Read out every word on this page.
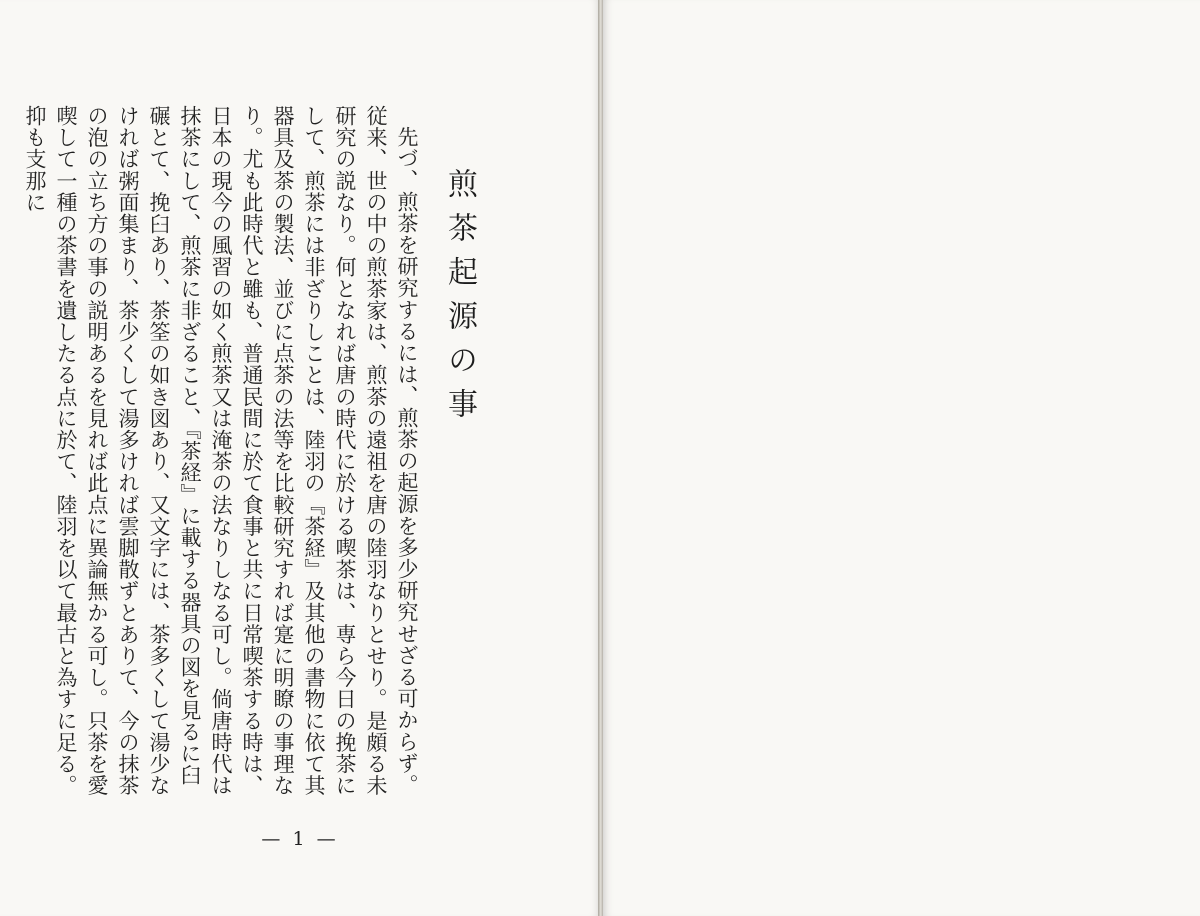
煎茶起源の事

先づ、煎茶を研究するには、煎茶の起源を多少研究せざる可からず。従来、世の中の煎茶家は、煎茶の遠祖を唐の陸羽なりとせり。是頗る未研究の説なり。何となれば唐の時代に於ける喫茶は、専ら今日の挽茶にして、煎茶には非ざりしことは、陸羽の『茶経』及其他の書物に依て其器具及茶の製法、並びに点茶の法等を比較研究すれば寔に明瞭の事理なり。尤も此時代と雖も、普通民間に於て食事と共に日常喫茶する時は、日本の現今の風習の如く煎茶又は淹茶の法なりしなる可し。倘唐時代は抹茶にして、煎茶に非ざること、『茶経』に載する器具の図を見るに臼碾とて、挽臼あり、茶筌の如き図あり、又文字には、茶多くして湯少なければ粥面集まり、茶少くして湯多ければ雲脚散ずとありて、今の抹茶の泡の立ち方の事の説明あるを見れば此点に異論無かる可し。只茶を愛喫して一種の茶書を遺したる点に於て、陸羽を以て最古と為すに足る。抑も支那に

— 1 —
